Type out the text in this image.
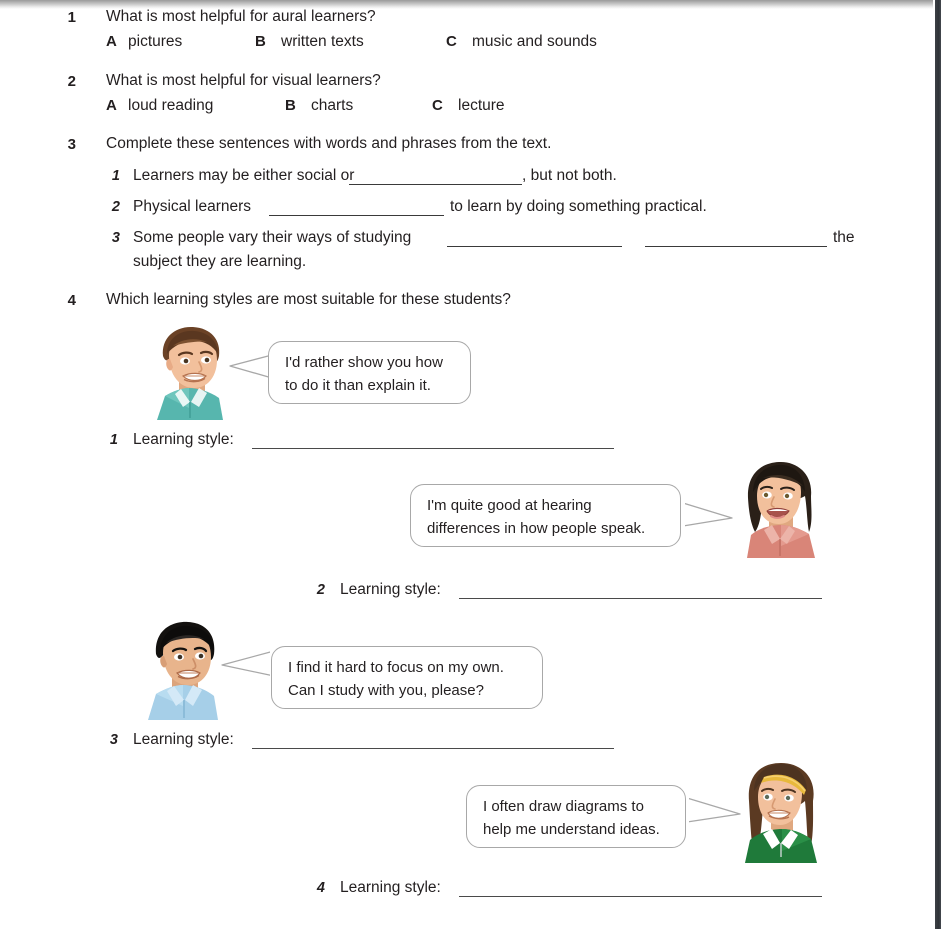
1 What is most helpful for aural learners?
A pictures	B written texts	C music and sounds
2 What is most helpful for visual learners?
A loud reading	B charts	C lecture
3 Complete these sentences with words and phrases from the text.
1 Learners may be either social or	, but not both.
2 Physical learners	to learn by doing something practical.
3 Some people vary their ways of studying	the
subject they are learning.
4 Which learning styles are most suitable for these students?
I'd rather show you how
to do it than explain it.
1 Learning style:
I'm quite good at hearing
differences in how people speak.
2 Learning style:
I find it hard to focus on my own.
Can I study with you, please?
3 Learning style:
I often draw diagrams to
help me understand ideas.
4 Learning style:
